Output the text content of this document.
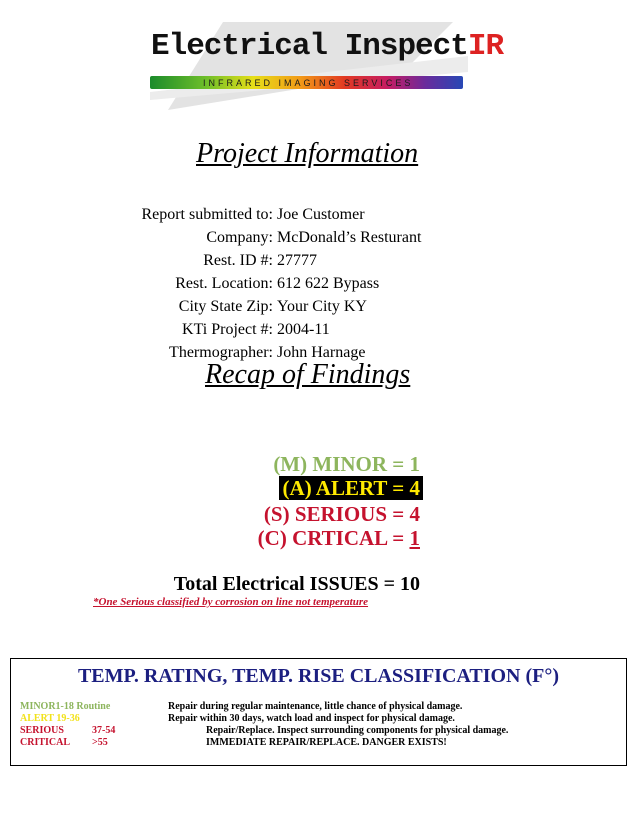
Electrical InspectIR
INFRARED IMAGING SERVICES
Project Information
Report submitted to: Joe Customer
Company: McDonald’s Resturant
Rest. ID #: 27777
Rest. Location: 612 622 Bypass
City State Zip: Your City KY
KTi Project #: 2004-11
Thermographer: John Harnage
Recap of Findings
(M) MINOR = 1
(A) ALERT = 4
(S) SERIOUS = 4
(C) CRTICAL = 1
Total Electrical ISSUES = 10
*One Serious classified by corrosion on line not temperature
TEMP. RATING, TEMP. RISE CLASSIFICATION (F°)
MINOR1-18 Routine	Repair during regular maintenance, little chance of physical damage.
ALERT 19-36	Repair within 30 days, watch load and inspect for physical damage.
SERIOUS	37-54	Repair/Replace. Inspect surrounding components for physical damage.
CRITICAL >55	IMMEDIATE REPAIR/REPLACE. DANGER EXISTS!
